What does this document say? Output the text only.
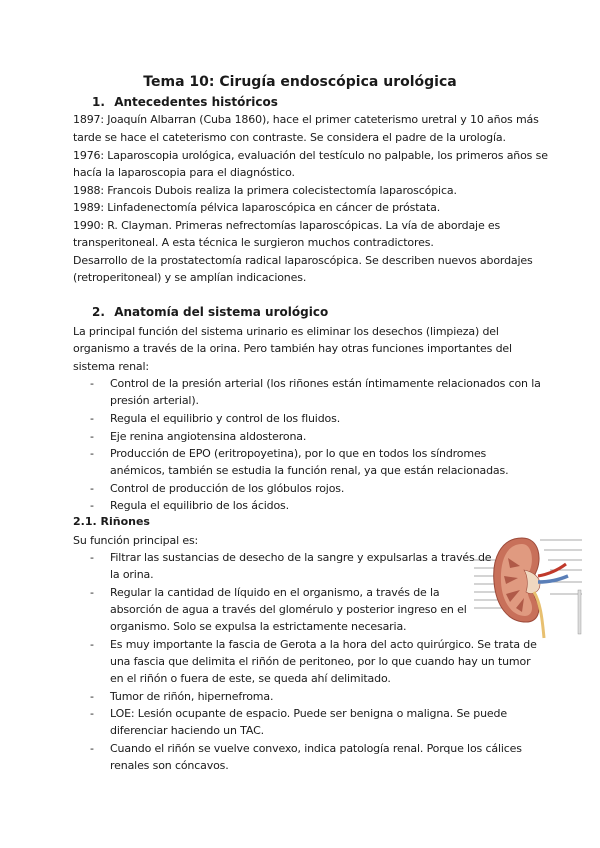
Tema 10: Cirugía endoscópica urológica
1. Antecedentes históricos
1897: Joaquín Albarran (Cuba 1860), hace el primer cateterismo uretral y 10 años más
tarde se hace el cateterismo con contraste. Se considera el padre de la urología.
1976: Laparoscopia urológica, evaluación del testículo no palpable, los primeros años se
hacía la laparoscopia para el diagnóstico.
1988: Francois Dubois realiza la primera colecistectomía laparoscópica.
1989: Linfadenectomía pélvica laparoscópica en cáncer de próstata.
1990: R. Clayman. Primeras nefrectomías laparoscópicas. La vía de abordaje es
transperitoneal. A esta técnica le surgieron muchos contradictores.
Desarrollo de la prostatectomía radical laparoscópica. Se describen nuevos abordajes
(retroperitoneal) y se amplían indicaciones.
2. Anatomía del sistema urológico
La principal función del sistema urinario es eliminar los desechos (limpieza) del
organismo a través de la orina. Pero también hay otras funciones importantes del
sistema renal:
- Control de la presión arterial (los riñones están íntimamente relacionados con la
presión arterial).
- Regula el equilibrio y control de los fluidos.
- Eje renina angiotensina aldosterona.
- Producción de EPO (eritropoyetina), por lo que en todos los síndromes
anémicos, también se estudia la función renal, ya que están relacionadas.
- Control de producción de los glóbulos rojos.
- Regula el equilibrio de los ácidos.
2.1. Riñones
Su función principal es:
- Filtrar las sustancias de desecho de la sangre y expulsarlas a través de
la orina.
- Regular la cantidad de líquido en el organismo, a través de la
absorción de agua a través del glomérulo y posterior ingreso en el
organismo. Solo se expulsa la estrictamente necesaria.
- Es muy importante la fascia de Gerota a la hora del acto quirúrgico. Se trata de
una fascia que delimita el riñón de peritoneo, por lo que cuando hay un tumor
en el riñón o fuera de este, se queda ahí delimitado.
- Tumor de riñón, hipernefroma.
- LOE: Lesión ocupante de espacio. Puede ser benigna o maligna. Se puede
diferenciar haciendo un TAC.
- Cuando el riñón se vuelve convexo, indica patología renal. Porque los cálices
renales son cóncavos.
